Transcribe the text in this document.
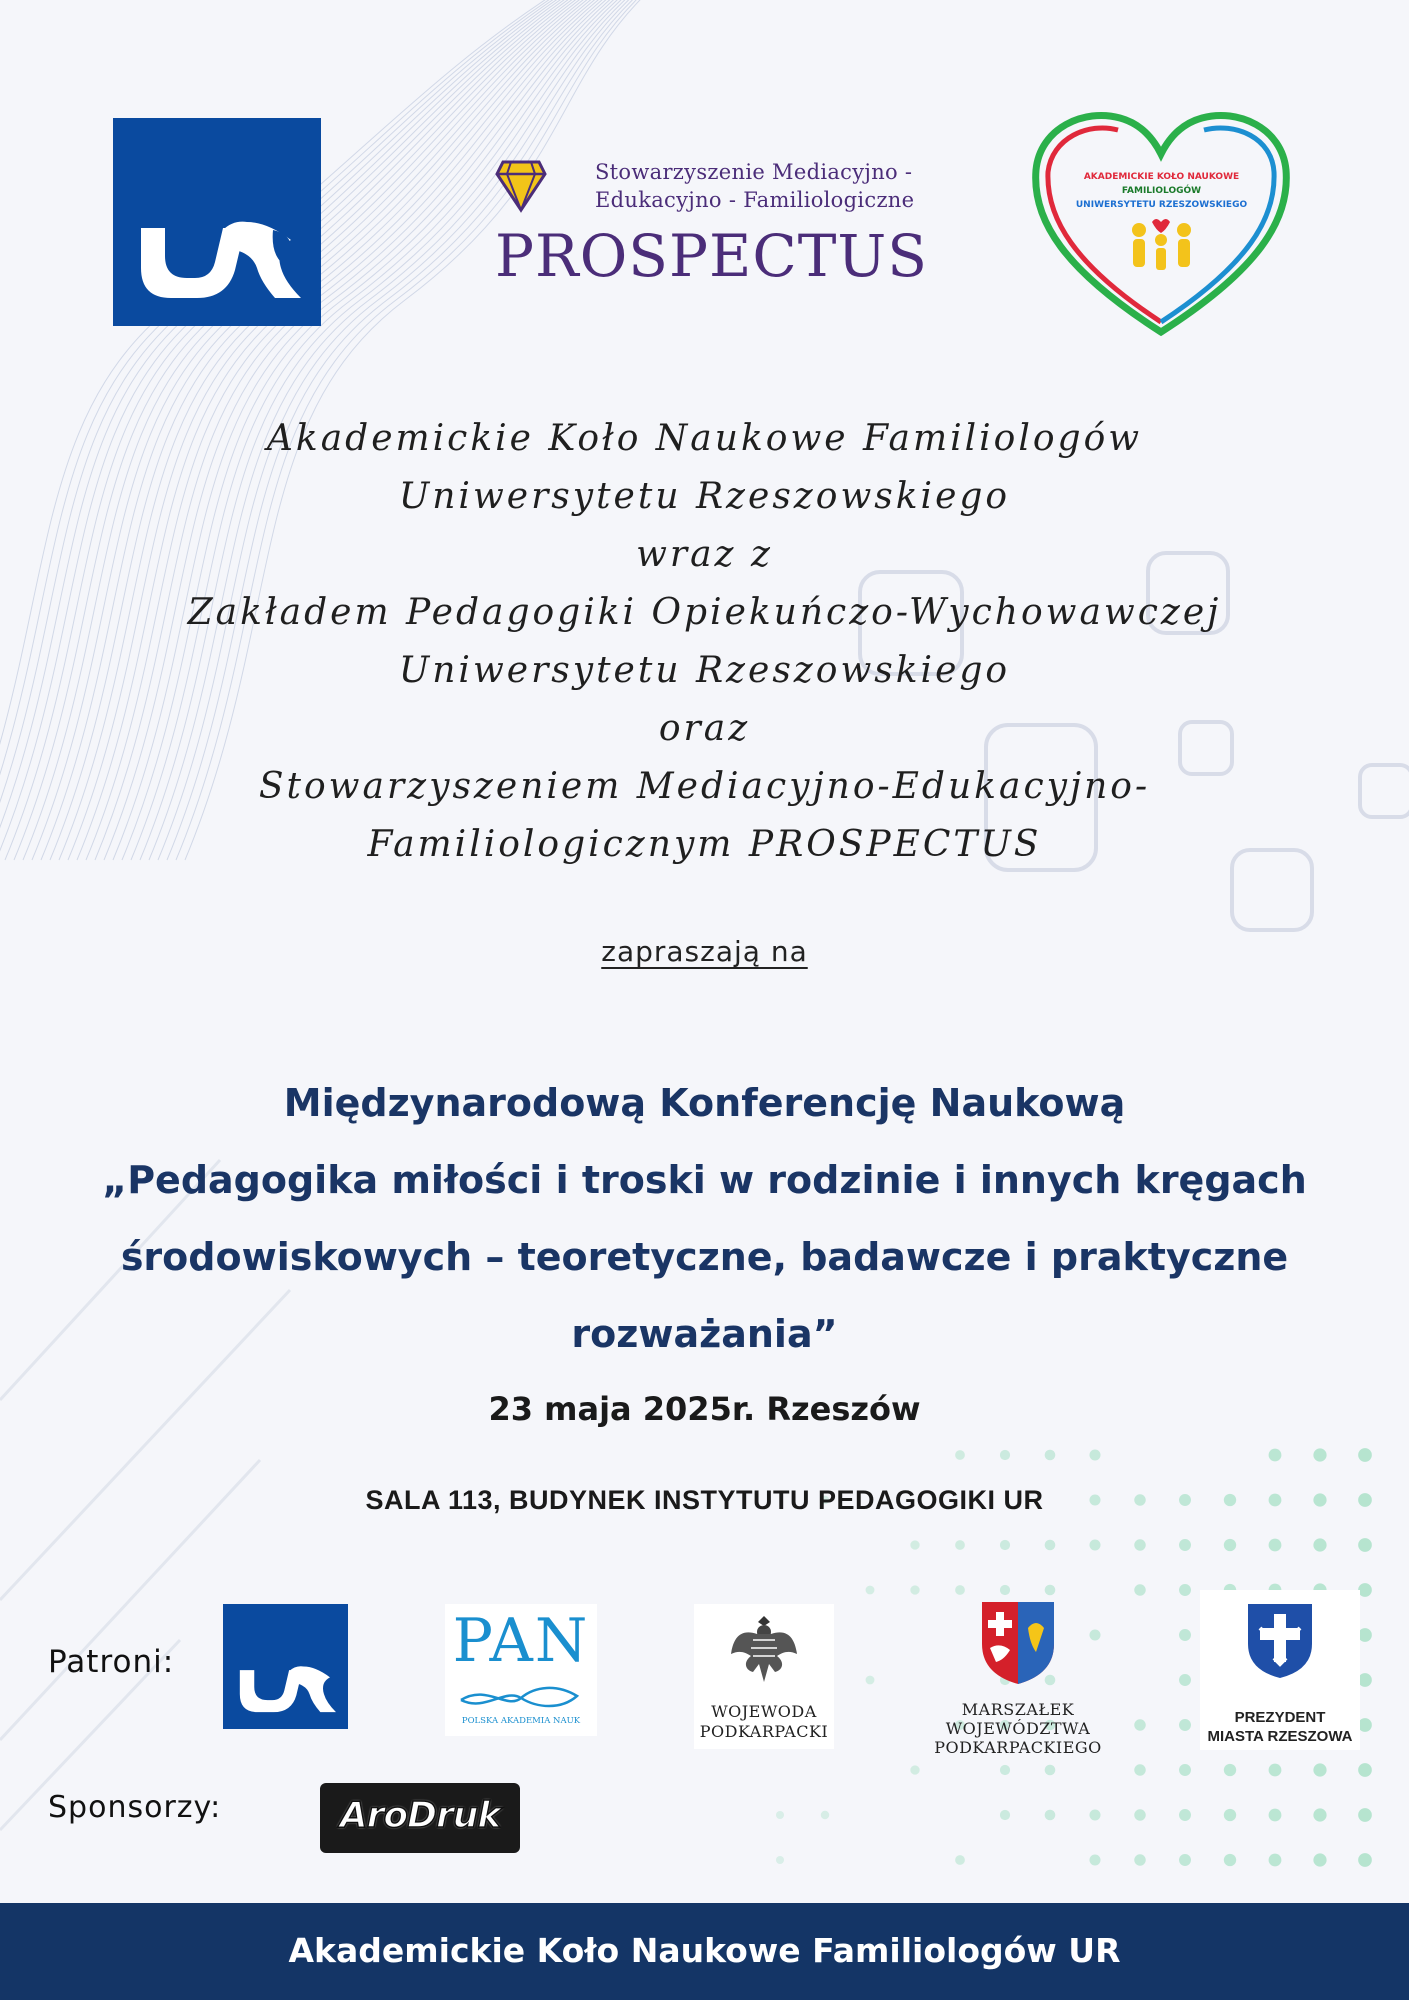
Stowarzyszenie Mediacyjno -
Edukacyjno - Familiologiczne
PROSPECTUS
AKADEMICKIE KOŁO NAUKOWE
FAMILIOLOGÓW
UNIWERSYTETU RZESZOWSKIEGO
Akademickie Koło Naukowe Familiologów
Uniwersytetu Rzeszowskiego
wraz z
Zakładem Pedagogiki Opiekuńczo-Wychowawczej
Uniwersytetu Rzeszowskiego
oraz
Stowarzyszeniem Mediacyjno-Edukacyjno-
Familiologicznym PROSPECTUS
zapraszają na
Międzynarodową Konferencję Naukową
„Pedagogika miłości i troski w rodzinie i innych kręgach
środowiskowych – teoretyczne, badawcze i praktyczne
rozważania”
23 maja 2025r. Rzeszów
SALA 113, BUDYNEK INSTYTUTU PEDAGOGIKI UR
Patroni:	PAN
POLSKA AKADEMIA NAUK	WOJEWODA
PODKARPACKI
MARSZAŁEK
WOJEWÓDZTWA
PODKARPACKIEGO
PREZYDENT
MIASTA RZESZOWA
Sponsorzy:	AroDruk
Akademickie Koło Naukowe Familiologów UR
